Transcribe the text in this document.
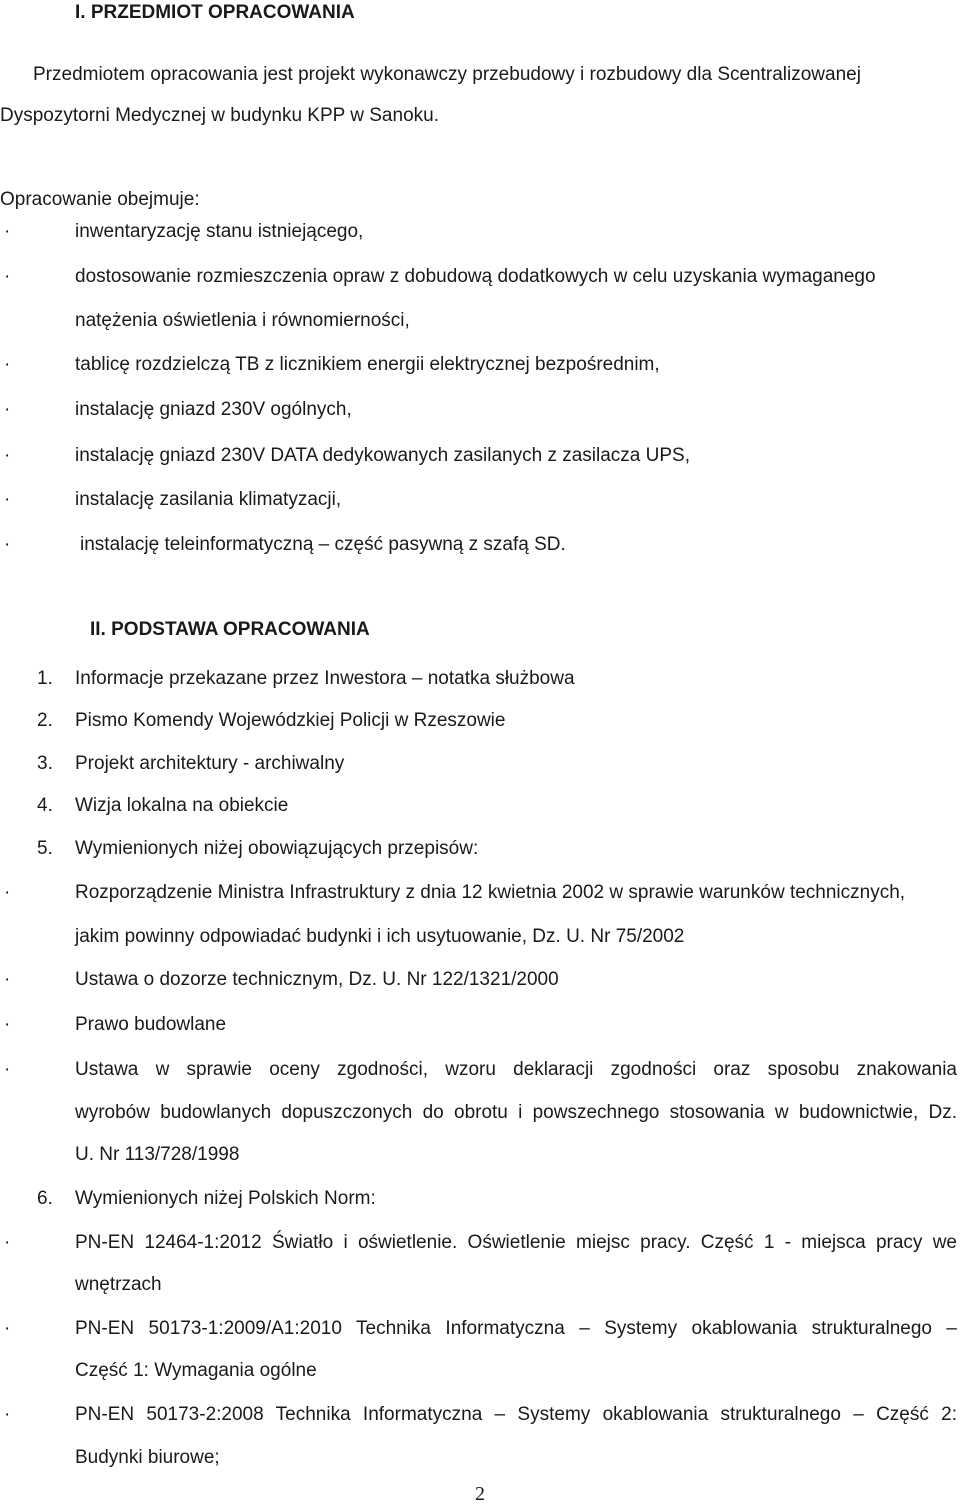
I. PRZEDMIOT OPRACOWANIA
Przedmiotem opracowania jest projekt wykonawczy przebudowy i rozbudowy dla Scentralizowanej
Dyspozytorni Medycznej w budynku KPP w Sanoku.
Opracowanie obejmuje:
·	inwentaryzację stanu istniejącego,
·	dostosowanie rozmieszczenia opraw z dobudową dodatkowych w celu uzyskania wymaganego
natężenia oświetlenia i równomierności,
·	tablicę rozdzielczą TB z licznikiem energii elektrycznej bezpośrednim,
·	instalację gniazd 230V ogólnych,
·	instalację gniazd 230V DATA dedykowanych zasilanych z zasilacza UPS,
·	instalację zasilania klimatyzacji,
·	instalację teleinformatyczną – część pasywną z szafą SD.
II. PODSTAWA OPRACOWANIA
1. Informacje przekazane przez Inwestora – notatka służbowa
2. Pismo Komendy Wojewódzkiej Policji w Rzeszowie
3. Projekt architektury - archiwalny
4. Wizja lokalna na obiekcie
5. Wymienionych niżej obowiązujących przepisów:
·	Rozporządzenie Ministra Infrastruktury z dnia 12 kwietnia 2002 w sprawie warunków technicznych,
jakim powinny odpowiadać budynki i ich usytuowanie, Dz. U. Nr 75/2002
·	Ustawa o dozorze technicznym, Dz. U. Nr 122/1321/2000
·	Prawo budowlane
·	Ustawa w sprawie oceny zgodności, wzoru deklaracji zgodności oraz sposobu znakowania
wyrobów budowlanych dopuszczonych do obrotu i powszechnego stosowania w budownictwie, Dz.
U. Nr 113/728/1998
6. Wymienionych niżej Polskich Norm:
·	PN-EN 12464-1:2012 Światło i oświetlenie. Oświetlenie miejsc pracy. Część 1 - miejsca pracy we
wnętrzach
·	PN-EN 50173-1:2009/A1:2010 Technika Informatyczna – Systemy okablowania strukturalnego –
Część 1: Wymagania ogólne
·	PN-EN 50173-2:2008 Technika Informatyczna – Systemy okablowania strukturalnego – Część 2:
Budynki biurowe;
2
